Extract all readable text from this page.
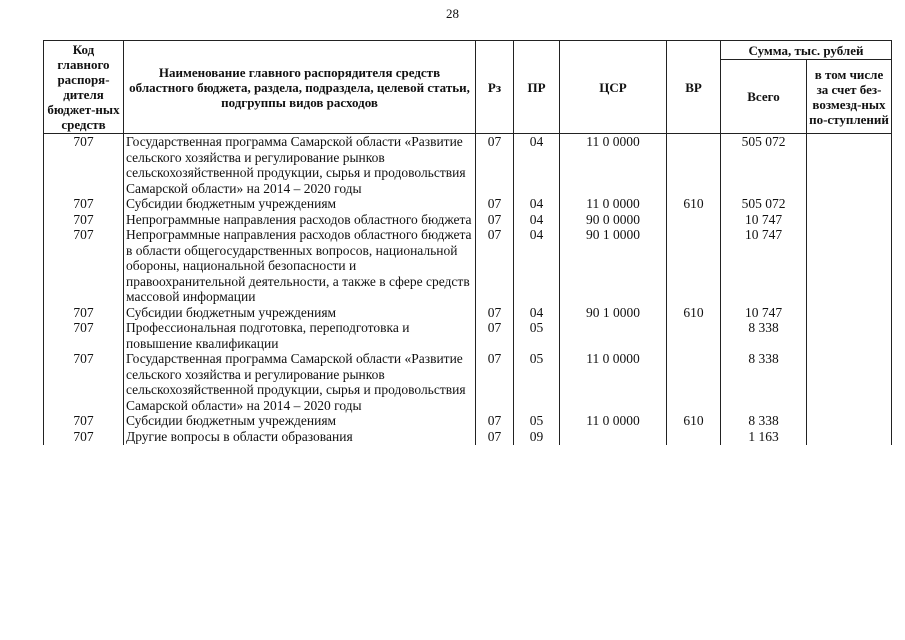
28
Код главного распоря-дителя бюджет-ных средств	Наименование главного распорядителя средств областного бюджета, раздела, подраздела, целевой статьи, подгруппы видов расходов	Рз	ПР	ЦСР	ВР	Сумма, тыс. рублей	
						Всего	в том числе за счет без-возмезд-ных по-ступлений
707	Государственная программа Самарской области «Развитие сельского хозяйства и регулирование рынков сельскохозяйственной продукции, сырья и продовольствия Самарской области» на 2014 – 2020 годы	07	04	11 0 0000		505 072	
707	Субсидии бюджетным учреждениям	07	04	11 0 0000	610	505 072	
707	Непрограммные направления расходов областного бюджета	07	04	90 0 0000		10 747	
707	Непрограммные направления расходов областного бюджета в области общегосударственных вопросов, национальной обороны, национальной безопасности и правоохранительной деятельности, а также в сфере средств массовой информации	07	04	90 1 0000		10 747	
707	Субсидии бюджетным учреждениям	07	04	90 1 0000	610	10 747	
707	Профессиональная подготовка, переподготовка и повышение квалификации	07	05			8 338	
707	Государственная программа Самарской области «Развитие сельского хозяйства и регулирование рынков сельскохозяйственной продукции, сырья и продовольствия Самарской области» на 2014 – 2020 годы	07	05	11 0 0000		8 338	
707	Субсидии бюджетным учреждениям	07	05	11 0 0000	610	8 338	
707	Другие вопросы в области образования	07	09			1 163	
